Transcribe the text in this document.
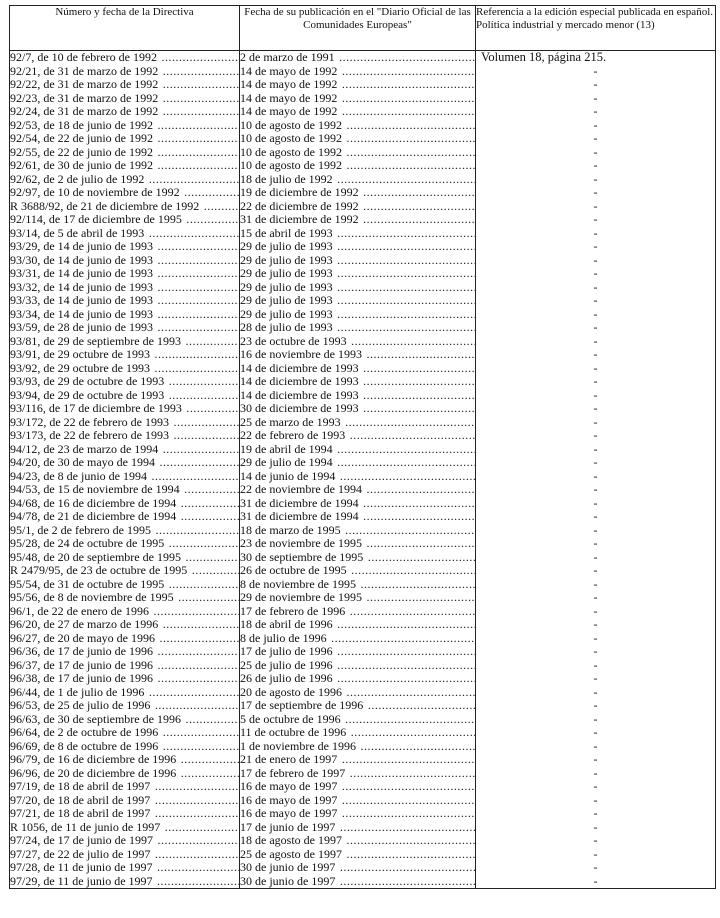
Número y fecha de la Directiva	Fecha de su publicación en el "Diario Oficial de las Comunidades Europeas"	Referencia a la edición especial publicada en español. Política industrial y mercado menor (13)
92/7, de 10 de febrero de 1992 .....	2 de marzo de 1991 .....	Volumen 18, página 215.
92/21, de 31 de marzo de 1992 .....	14 de mayo de 1992 .....	-
92/22, de 31 de marzo de 1992 .....	14 de mayo de 1992 .....	-
92/23, de 31 de marzo de 1992 .....	14 de mayo de 1992 .....	-
92/24, de 31 de marzo de 1992 .....	14 de mayo de 1992 .....	-
92/53, de 18 de junio de 1992 .....	10 de agosto de 1992 .....	-
92/54, de 22 de junio de 1992 .....	10 de agosto de 1992 .....	-
92/55, de 22 de junio de 1992 .....	10 de agosto de 1992 .....	-
92/61, de 30 de junio de 1992 .....	10 de agosto de 1992 .....	-
92/62, de 2 de julio de 1992 .....	18 de julio de 1992 .....	-
92/97, de 10 de noviembre de 1992 .....	19 de diciembre de 1992 .....	-
R 3688/92, de 21 de diciembre de 1992 .....	22 de diciembre de 1992 .....	-
92/114, de 17 de diciembre de 1995 .....	31 de diciembre de 1992 .....	-
93/14, de 5 de abril de 1993 .....	15 de abril de 1993 .....	-
93/29, de 14 de junio de 1993 .....	29 de julio de 1993 .....	-
93/30, de 14 de junio de 1993 .....	29 de julio de 1993 .....	-
93/31, de 14 de junio de 1993 .....	29 de julio de 1993 .....	-
93/32, de 14 de junio de 1993 .....	29 de julio de 1993 .....	-
93/33, de 14 de junio de 1993 .....	29 de julio de 1993 .....	-
93/34, de 14 de junio de 1993 .....	29 de julio de 1993 .....	-
93/59, de 28 de junio de 1993 .....	28 de julio de 1993 .....	-
93/81, de 29 de septiembre de 1993 .....	23 de octubre de 1993 .....	-
93/91, de 29 octubre de 1993 .....	16 de noviembre de 1993 .....	-
93/92, de 29 octubre de 1993 .....	14 de diciembre de 1993 .....	-
93/93, de 29 de octubre de 1993 .....	14 de diciembre de 1993 .....	-
93/94, de 29 de octubre de 1993 .....	14 de diciembre de 1993 .....	-
93/116, de 17 de diciembre de 1993 .....	30 de diciembre de 1993 .....	-
93/172, de 22 de febrero de 1993 .....	25 de marzo de 1993 .....	-
93/173, de 22 de febrero de 1993 .....	22 de febrero de 1993 .....	-
94/12, de 23 de marzo de 1994 .....	19 de abril de 1994 .....	-
94/20, de 30 de mayo de 1994 .....	29 de julio de 1994 .....	-
94/23, de 8 de junio de 1994 .....	14 de junio de 1994 .....	-
94/53, de 15 de noviembre de 1994 .....	22 de noviembre de 1994 .....	-
94/68, de 16 de diciembre de 1994 .....	31 de diciembre de 1994 .....	-
94/78, de 21 de diciembre de 1994 .....	31 de diciembre de 1994 .....	-
95/1, de 2 de febrero de 1995 .....	18 de marzo de 1995 .....	-
95/28, de 24 de octubre de 1995 .....	23 de noviembre de 1995 .....	-
95/48, de 20 de septiembre de 1995 .....	30 de septiembre de 1995 .....	-
R 2479/95, de 23 de octubre de 1995 .....	26 de octubre de 1995 .....	-
95/54, de 31 de octubre de 1995 .....	8 de noviembre de 1995 .....	-
95/56, de 8 de noviembre de 1995 .....	29 de noviembre de 1995 .....	-
96/1, de 22 de enero de 1996 .....	17 de febrero de 1996 .....	-
96/20, de 27 de marzo de 1996 .....	18 de abril de 1996 .....	-
96/27, de 20 de mayo de 1996 .....	8 de julio de 1996 .....	-
96/36, de 17 de junio de 1996 .....	17 de julio de 1996 .....	-
96/37, de 17 de junio de 1996 .....	25 de julio de 1996 .....	-
96/38, de 17 de junio de 1996 .....	26 de julio de 1996 .....	-
96/44, de 1 de julio de 1996 .....	20 de agosto de 1996 .....	-
96/53, de 25 de julio de 1996 .....	17 de septiembre de 1996 .....	-
96/63, de 30 de septiembre de 1996 .....	5 de octubre de 1996 .....	-
96/64, de 2 de octubre de 1996 .....	11 de octubre de 1996 .....	-
96/69, de 8 de octubre de 1996 .....	1 de noviembre de 1996 .....	-
96/79, de 16 de diciembre de 1996 .....	21 de enero de 1997 .....	-
96/96, de 20 de diciembre de 1996 .....	17 de febrero de 1997 .....	-
97/19, de 18 de abril de 1997 .....	16 de mayo de 1997 .....	-
97/20, de 18 de abril de 1997 .....	16 de mayo de 1997 .....	-
97/21, de 18 de abril de 1997 .....	16 de mayo de 1997 .....	-
R 1056, de 11 de junio de 1997 .....	17 de junio de 1997 .....	-
97/24, de 17 de junio de 1997 .....	18 de agosto de 1997 .....	-
97/27, de 22 de julio de 1997 .....	25 de agosto de 1997 .....	-
97/28, de 11 de junio de 1997 .....	30 de junio de 1997 .....	-
97/29, de 11 de junio de 1997 .....	30 de junio de 1997 .....	-
